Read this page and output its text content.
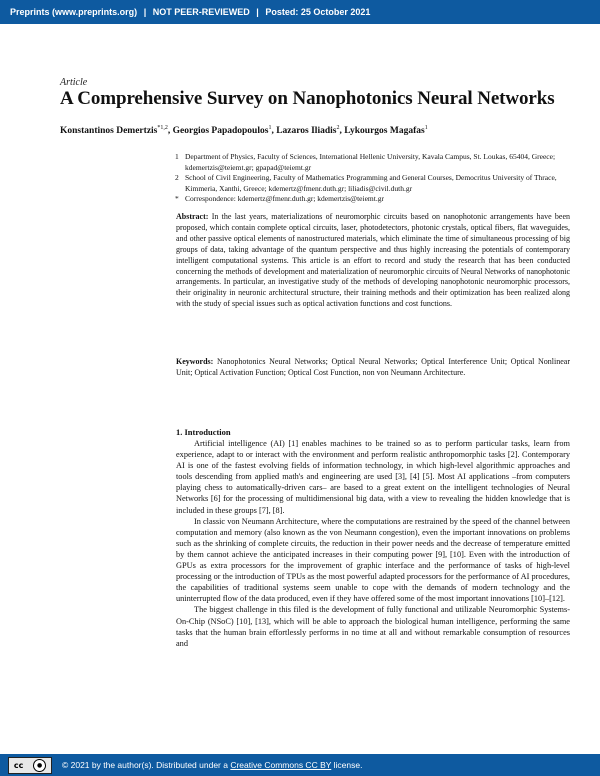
Preprints (www.preprints.org) | NOT PEER-REVIEWED | Posted: 25 October 2021
Article
A Comprehensive Survey on Nanophotonics Neural Networks
Konstantinos Demertzis$^{*1,2}$, Georgios Papadopoulos$^1$, Lazaros Iliadis$^2$, Lykourgos Magafas$^1$
1 Department of Physics, Faculty of Sciences, International Hellenic University, Kavala Campus, St. Loukas, 65404, Greece; kdemertzis@teiemt.gr; gpapad@teiemt.gr
2 School of Civil Engineering, Faculty of Mathematics Programming and General Courses, Democritus University of Thrace, Kimmeria, Xanthi, Greece; kdemertz@fmenr.duth.gr; liliadis@civil.duth.gr
* Correspondence: kdemertz@fmenr.duth.gr; kdemertzis@teiemt.gr
Abstract: In the last years, materializations of neuromorphic circuits based on nanophotonic arrangements have been proposed, which contain complete optical circuits, laser, photodetectors, photonic crystals, optical fibers, flat waveguides, and other passive optical elements of nanostructured materials, which eliminate the time of simultaneous processing of big groups of data, taking advantage of the quantum perspective and thus highly increasing the potentials of contemporary intelligent computational systems. This article is an effort to record and study the research that has been conducted concerning the methods of development and materialization of neuromorphic circuits of Neural Networks of nanophotonic arrangements. In particular, an investigative study of the methods of developing nanophotonic neuromorphic processors, their originality in neuronic architectural structure, their training methods and their optimization has been realized along with the study of special issues such as optical activation functions and cost functions.
Keywords: Nanophotonics Neural Networks; Optical Neural Networks; Optical Interference Unit; Optical Nonlinear Unit; Optical Activation Function; Optical Cost Function, non von Neumann Architecture.
1. Introduction

Artificial intelligence (AI) [1] enables machines to be trained so as to perform particular tasks, learn from experience, adapt to or interact with the environment and perform realistic anthropomorphic tasks [2]. Contemporary AI is one of the fastest evolving fields of information technology, in which high-level algorithmic approaches and tools descending from applied math's and engineering are used [3], [4] [5]. Most AI applications –from computers playing chess to automatically-driven cars– are based to a great extent on the intelligent technologies of Neural Networks [6] for the processing of multidimensional big data, with a view to revealing the hidden knowledge that is included in these groups [7], [8].

In classic von Neumann Architecture, where the computations are restrained by the speed of the channel between computation and memory (also known as the von Neumann congestion), even the important innovations on problems such as the shrinking of complete circuits, the reduction in their power needs and the decrease of temperature emitted by them cannot achieve the anticipated increases in their computing power [9], [10]. Even with the introduction of GPUs as extra processors for the improvement of graphic interface and the performance of tasks of high-level processing or the introduction of TPUs as the most powerful adapted processors for the performance of AI procedures, the capabilities of traditional systems seem unable to cope with the demands of modern technology and the uninterrupted flow of the data produced, even if they have offered some of the most important innovations [10]–[12].

The biggest challenge in this filed is the development of fully functional and utilizable Neuromorphic Systems-On-Chip (NSoC) [10], [13], which will be able to approach the biological human intelligence, performing the same tasks that the human brain effortlessly performs in no time at all and without remarkable consumption of resources and

cc	●	© 2021 by the author(s). Distributed under a Creative Commons CC BY license.
